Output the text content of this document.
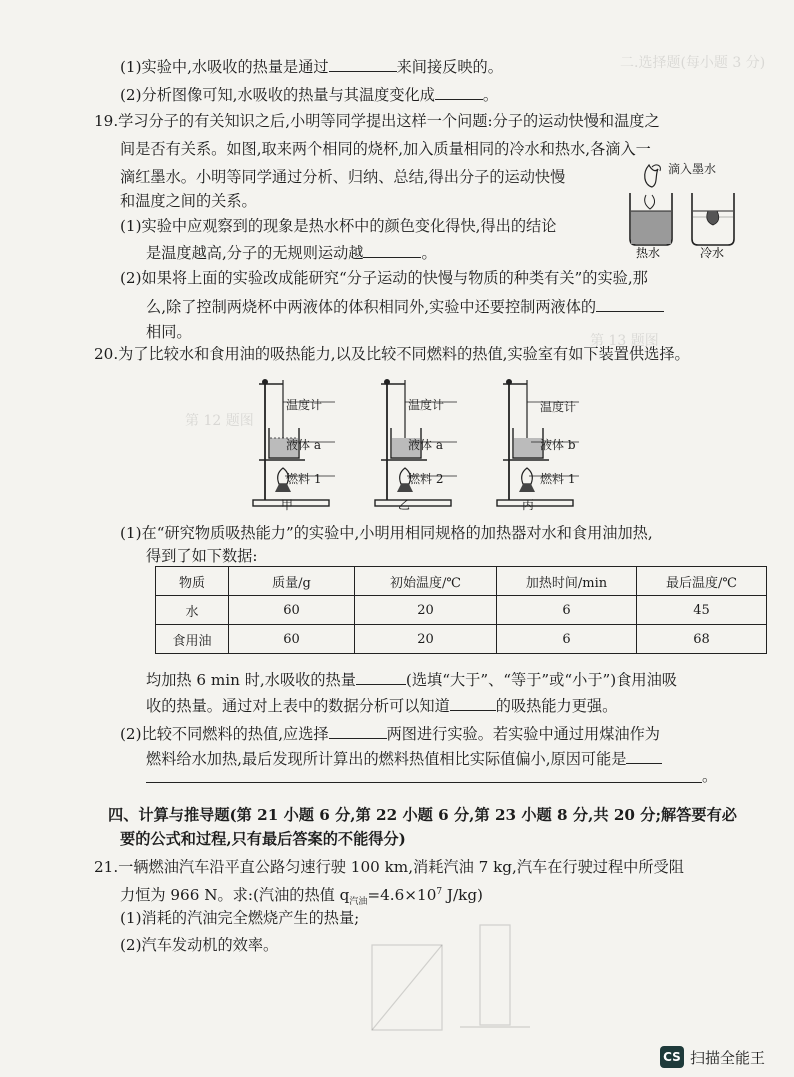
二.选择题(每小题 3 分)
第 13 题图
第 12 题图
(1)实验中,水吸收的热量是通过	来间接反映的。
(2)分析图像可知,水吸收的热量与其温度变化成	。
19.学习分子的有关知识之后,小明等同学提出这样一个问题:分子的运动快慢和温度之
间是否有关系。如图,取来两个相同的烧杯,加入质量相同的冷水和热水,各滴入一
滴红墨水。小明等同学通过分析、归纳、总结,得出分子的运动快慢
和温度之间的关系。
(1)实验中应观察到的现象是热水杯中的颜色变化得快,得出的结论
是温度越高,分子的无规则运动越	。
(2)如果将上面的实验改成能研究“分子运动的快慢与物质的种类有关”的实验,那
么,除了控制两烧杯中两液体的体积相同外,实验中还要控制两液体的
相同。
热水	冷水
滴入墨水
20.为了比较水和食用油的吸热能力,以及比较不同燃料的热值,实验室有如下装置供选择。
温度计
液体 a
燃料 1
甲
温度计
液体 a
燃料 2
乙
温度计
液体 b
燃料 1
丙
(1)在“研究物质吸热能力”的实验中,小明用相同规格的加热器对水和食用油加热,
得到了如下数据:
物质	质量/g	初始温度/℃	加热时间/min	最后温度/℃
水	60	20	6	45
食用油	60	20	6	68
均加热 6 min 时,水吸收的热量	(选填“大于”、“等于”或“小于”)食用油吸
收的热量。通过对上表中的数据分析可以知道	的吸热能力更强。
(2)比较不同燃料的热值,应选择	两图进行实验。若实验中通过用煤油作为
燃料给水加热,最后发现所计算出的燃料热值相比实际值偏小,原因可能是
。
四、计算与推导题(第 21 小题 6 分,第 22 小题 6 分,第 23 小题 8 分,共 20 分;解答要有必
要的公式和过程,只有最后答案的不能得分)
21.一辆燃油汽车沿平直公路匀速行驶 100 km,消耗汽油 7 kg,汽车在行驶过程中所受阻
力恒为 966 N。求:(汽油的热值 $q_{汽油}=4.6\times 10^7$ J/kg)
(1)消耗的汽油完全燃烧产生的热量;
(2)汽车发动机的效率。
CS 扫描全能王
